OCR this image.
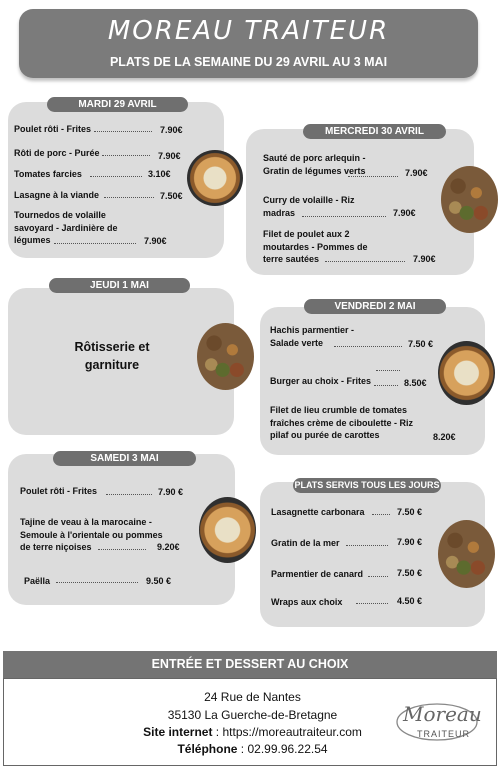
MOREAU TRAITEUR
PLATS DE LA SEMAINE DU 29 AVRIL AU 3 MAI
MARDI 29 AVRIL
Poulet rôti - Frites	7.90€
Rôti de porc - Purée	7.90€
Tomates farcies	3.10€
Lasagne à la viande	7.50€
Tournedos de volaille savoyard - Jardinière de légumes	7.90€
MERCREDI 30 AVRIL
Sauté de porc arlequin - Gratin de légumes verts	7.90€
Curry de volaille - Riz madras	7.90€
Filet de poulet aux 2 moutardes - Pommes de terre sautées	7.90€
JEUDI 1 MAI
Rôtisserie et garniture
VENDREDI 2 MAI
Hachis parmentier - Salade verte	7.50 €
Burger au choix - Frites	8.50€
Filet de lieu crumble de tomates fraîches crème de ciboulette - Riz pilaf ou purée de carottes	8.20€
SAMEDI 3 MAI
Poulet rôti - Frites	7.90 €
Tajine de veau à la marocaine - Semoule à l'orientale ou pommes de terre niçoises	9.20€
Paëlla	9.50 €
PLATS SERVIS TOUS LES JOURS
Lasagnette carbonara	7.50 €
Gratin de la mer	7.90 €
Parmentier de canard	7.50 €
Wraps aux choix	4.50 €
ENTRÉE ET DESSERT AU CHOIX
24 Rue de Nantes
35130 La Guerche-de-Bretagne
Site internet : https://moreautraiteur.com
Téléphone : 02.99.96.22.54
Moreau
TRAITEUR
